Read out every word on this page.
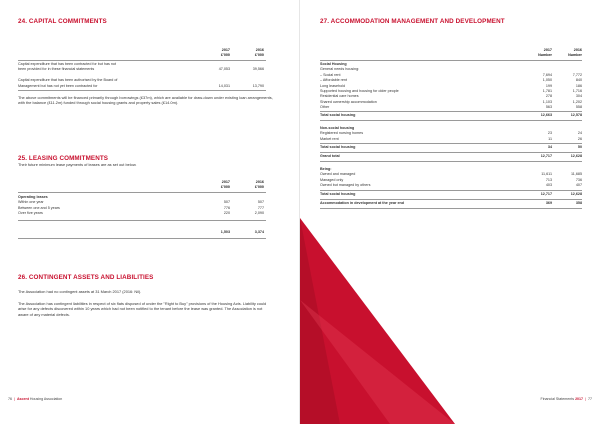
24. CAPITAL COMMITMENTS
2017
£'000
2016
£'000
Capital expenditure that has been contracted for but has not
been provided for in these financial statements	47,053	39,566
Capital expenditure that has been authorised by the Board of
Management but has not yet been contracted for	14,031	13,790
The above commitments will be financed primarily through borrowings (£37m), which are available for draw-down under existing loan arrangements, with the balance (£11.2m) funded through social housing grants and property sales (£14.0m).
25. LEASING COMMITMENTS
Their future minimum lease payments of leases are as set out below.
2017
£'000
2016
£'000
Operating leases
Within one year	507	507
Between one and 5 years	776	777
Over five years	220	2,090
1,503	3,374
26. CONTINGENT ASSETS AND LIABILITIES
The Association had no contingent assets at 31 March 2017 (2016: Nil).
The Association has contingent liabilities in respect of six flats disposed of under the "Right to Buy" provisions of the Housing Acts. Liability could arise for any defects discovered within 10 years which had not been notified to the tenant before the lease was granted. The Association is not aware of any material defects.
76 | Ascent Housing Association
27. ACCOMMODATION MANAGEMENT AND DEVELOPMENT
2017
Number
2016
Number
Social Housing
General needs housing:
– Social rent	7,694	7,772
– Affordable rent	1,050	840
Long leasehold	199	186
Supported housing and housing for older people	1,781	1,716
Residential care homes	278	304
Shared ownership accommodation	1,103	1,202
Other	563	558
Total social housing	12,663	12,578
Non-social housing
Registered nursing homes	23	24
Market rent	11	26
Total social housing	34	50
Grand total	12,717	12,628
Being:
Owned and managed	11,611	11,685
Managed only	713	736
Owned but managed by others	403	407
Total social housing	12,717	12,628
Accommodation in development at the year end	369	358
Financial Statements 2017 | 77
